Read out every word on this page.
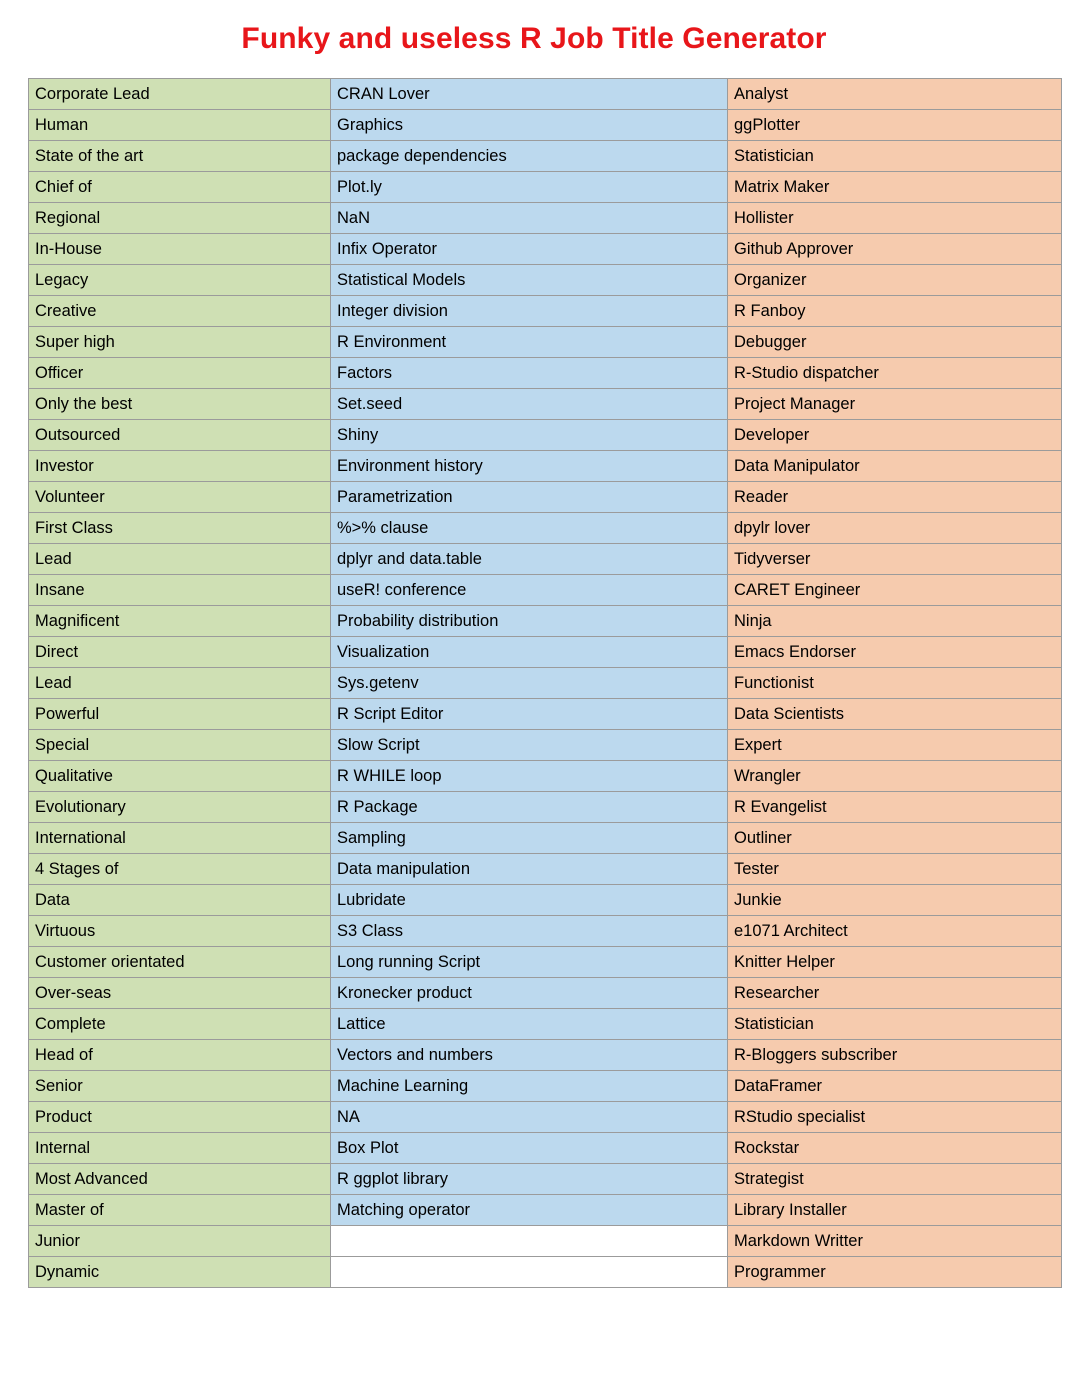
Funky and useless R Job Title Generator
Corporate Lead	CRAN Lover	Analyst
Human	Graphics	ggPlotter
State of the art	package dependencies	Statistician
Chief of	Plot.ly	Matrix Maker
Regional	NaN	Hollister
In-House	Infix Operator	Github Approver
Legacy	Statistical Models	Organizer
Creative	Integer division	R Fanboy
Super high	R Environment	Debugger
Officer	Factors	R-Studio dispatcher
Only the best	Set.seed	Project Manager
Outsourced	Shiny	Developer
Investor	Environment history	Data Manipulator
Volunteer	Parametrization	Reader
First Class	%>% clause	dpylr lover
Lead	dplyr and data.table	Tidyverser
Insane	useR! conference	CARET Engineer
Magnificent	Probability distribution	Ninja
Direct	Visualization	Emacs Endorser
Lead	Sys.getenv	Functionist
Powerful	R Script Editor	Data Scientists
Special	Slow Script	Expert
Qualitative	R WHILE loop	Wrangler
Evolutionary	R Package	R Evangelist
International	Sampling	Outliner
4 Stages of	Data manipulation	Tester
Data	Lubridate	Junkie
Virtuous	S3 Class	e1071 Architect
Customer orientated	Long running Script	Knitter Helper
Over-seas	Kronecker product	Researcher
Complete	Lattice	Statistician
Head of	Vectors and numbers	R-Bloggers subscriber
Senior	Machine Learning	DataFramer
Product	NA	RStudio specialist
Internal	Box Plot	Rockstar
Most Advanced	R ggplot library	Strategist
Master of	Matching operator	Library Installer
Junior		Markdown Writter
Dynamic		Programmer
